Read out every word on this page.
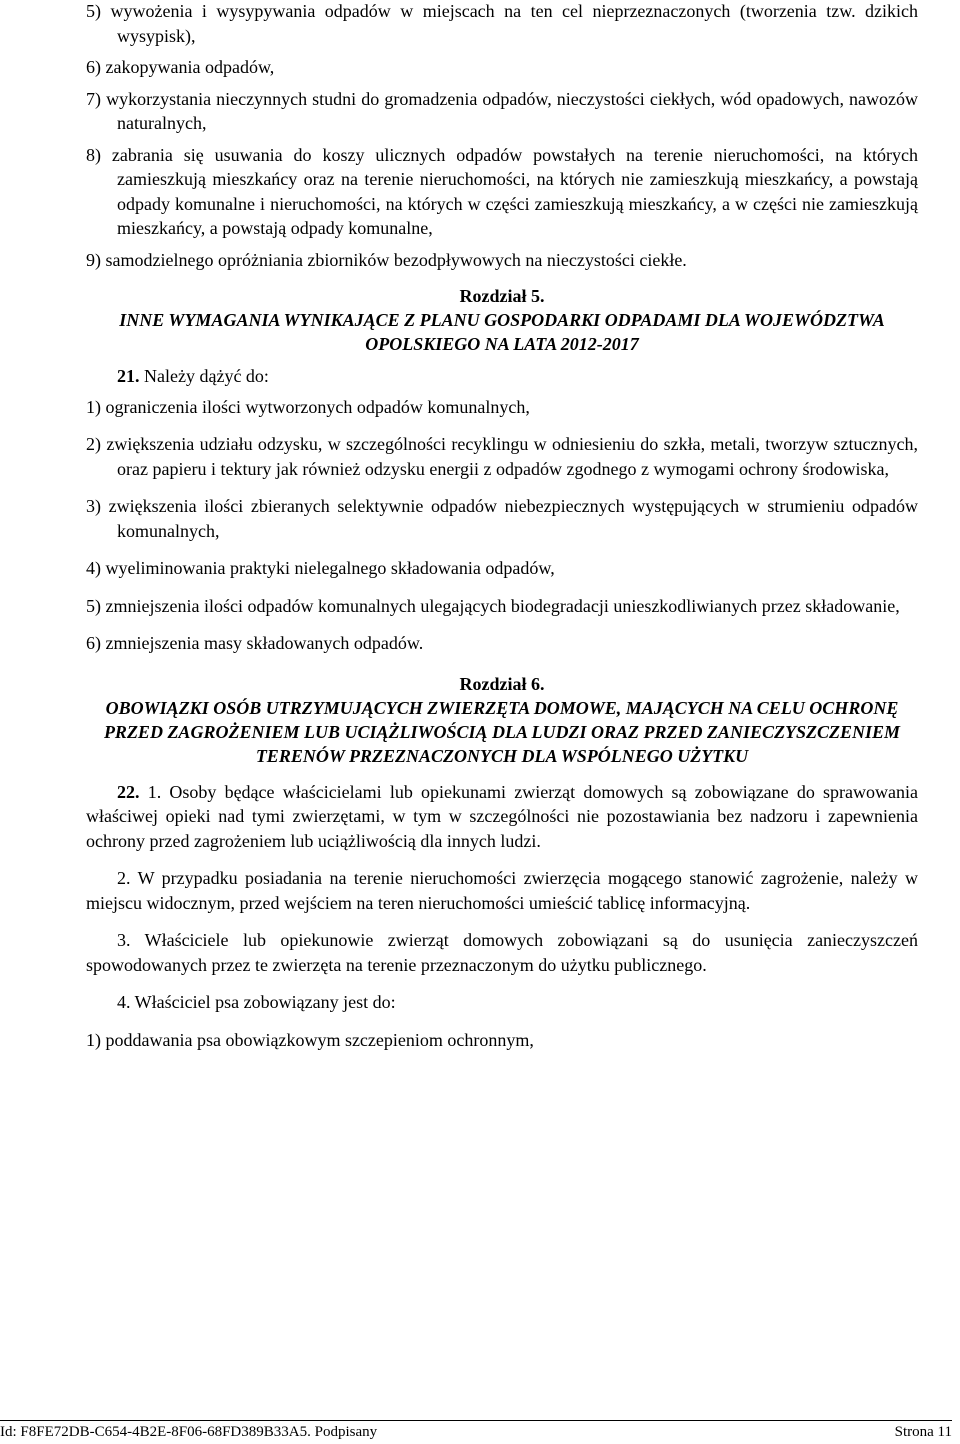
5) wywożenia i wysypywania odpadów w miejscach na ten cel nieprzeznaczonych (tworzenia tzw. dzikich wysypisk),

6) zakopywania odpadów,

7) wykorzystania nieczynnych studni do gromadzenia odpadów, nieczystości ciekłych, wód opadowych, nawozów naturalnych,

8) zabrania się usuwania do koszy ulicznych odpadów powstałych na terenie nieruchomości, na których zamieszkują mieszkańcy oraz na terenie nieruchomości, na których nie zamieszkują mieszkańcy, a powstają odpady komunalne i nieruchomości, na których w części zamieszkują mieszkańcy, a w części nie zamieszkują mieszkańcy, a powstają odpady komunalne,

9) samodzielnego opróżniania zbiorników bezodpływowych na nieczystości ciekłe.

Rozdział 5.

INNE WYMAGANIA WYNIKAJĄCE Z PLANU GOSPODARKI ODPADAMI DLA WOJEWÓDZTWA OPOLSKIEGO NA LATA 2012-2017

21. Należy dążyć do:

1) ograniczenia ilości wytworzonych odpadów komunalnych,

2) zwiększenia udziału odzysku, w szczególności recyklingu w odniesieniu do szkła, metali, tworzyw sztucznych, oraz papieru i tektury jak również odzysku energii z odpadów zgodnego z wymogami ochrony środowiska,

3) zwiększenia ilości zbieranych selektywnie odpadów niebezpiecznych występujących w strumieniu odpadów komunalnych,

4) wyeliminowania praktyki nielegalnego składowania odpadów,

5) zmniejszenia ilości odpadów komunalnych ulegających biodegradacji unieszkodliwianych przez składowanie,

6) zmniejszenia masy składowanych odpadów.

Rozdział 6.

OBOWIĄZKI OSÓB UTRZYMUJĄCYCH ZWIERZĘTA DOMOWE, MAJĄCYCH NA CELU OCHRONĘ PRZED ZAGROŻENIEM LUB UCIĄŻLIWOŚCIĄ DLA LUDZI ORAZ PRZED ZANIECZYSZCZENIEM TERENÓW PRZEZNACZONYCH DLA WSPÓLNEGO UŻYTKU

22. 1. Osoby będące właścicielami lub opiekunami zwierząt domowych są zobowiązane do sprawowania właściwej opieki nad tymi zwierzętami, w tym w szczególności nie pozostawiania bez nadzoru i zapewnienia ochrony przed zagrożeniem lub uciążliwością dla innych ludzi.

2. W przypadku posiadania na terenie nieruchomości zwierzęcia mogącego stanowić zagrożenie, należy w miejscu widocznym, przed wejściem na teren nieruchomości umieścić tablicę informacyjną.

3. Właściciele lub opiekunowie zwierząt domowych zobowiązani są do usunięcia zanieczyszczeń spowodowanych przez te zwierzęta na terenie przeznaczonym do użytku publicznego.

4. Właściciel psa zobowiązany jest do:

1) poddawania psa obowiązkowym szczepieniom ochronnym,

Id: F8FE72DB-C654-4B2E-8F06-68FD389B33A5. Podpisany	Strona 11
